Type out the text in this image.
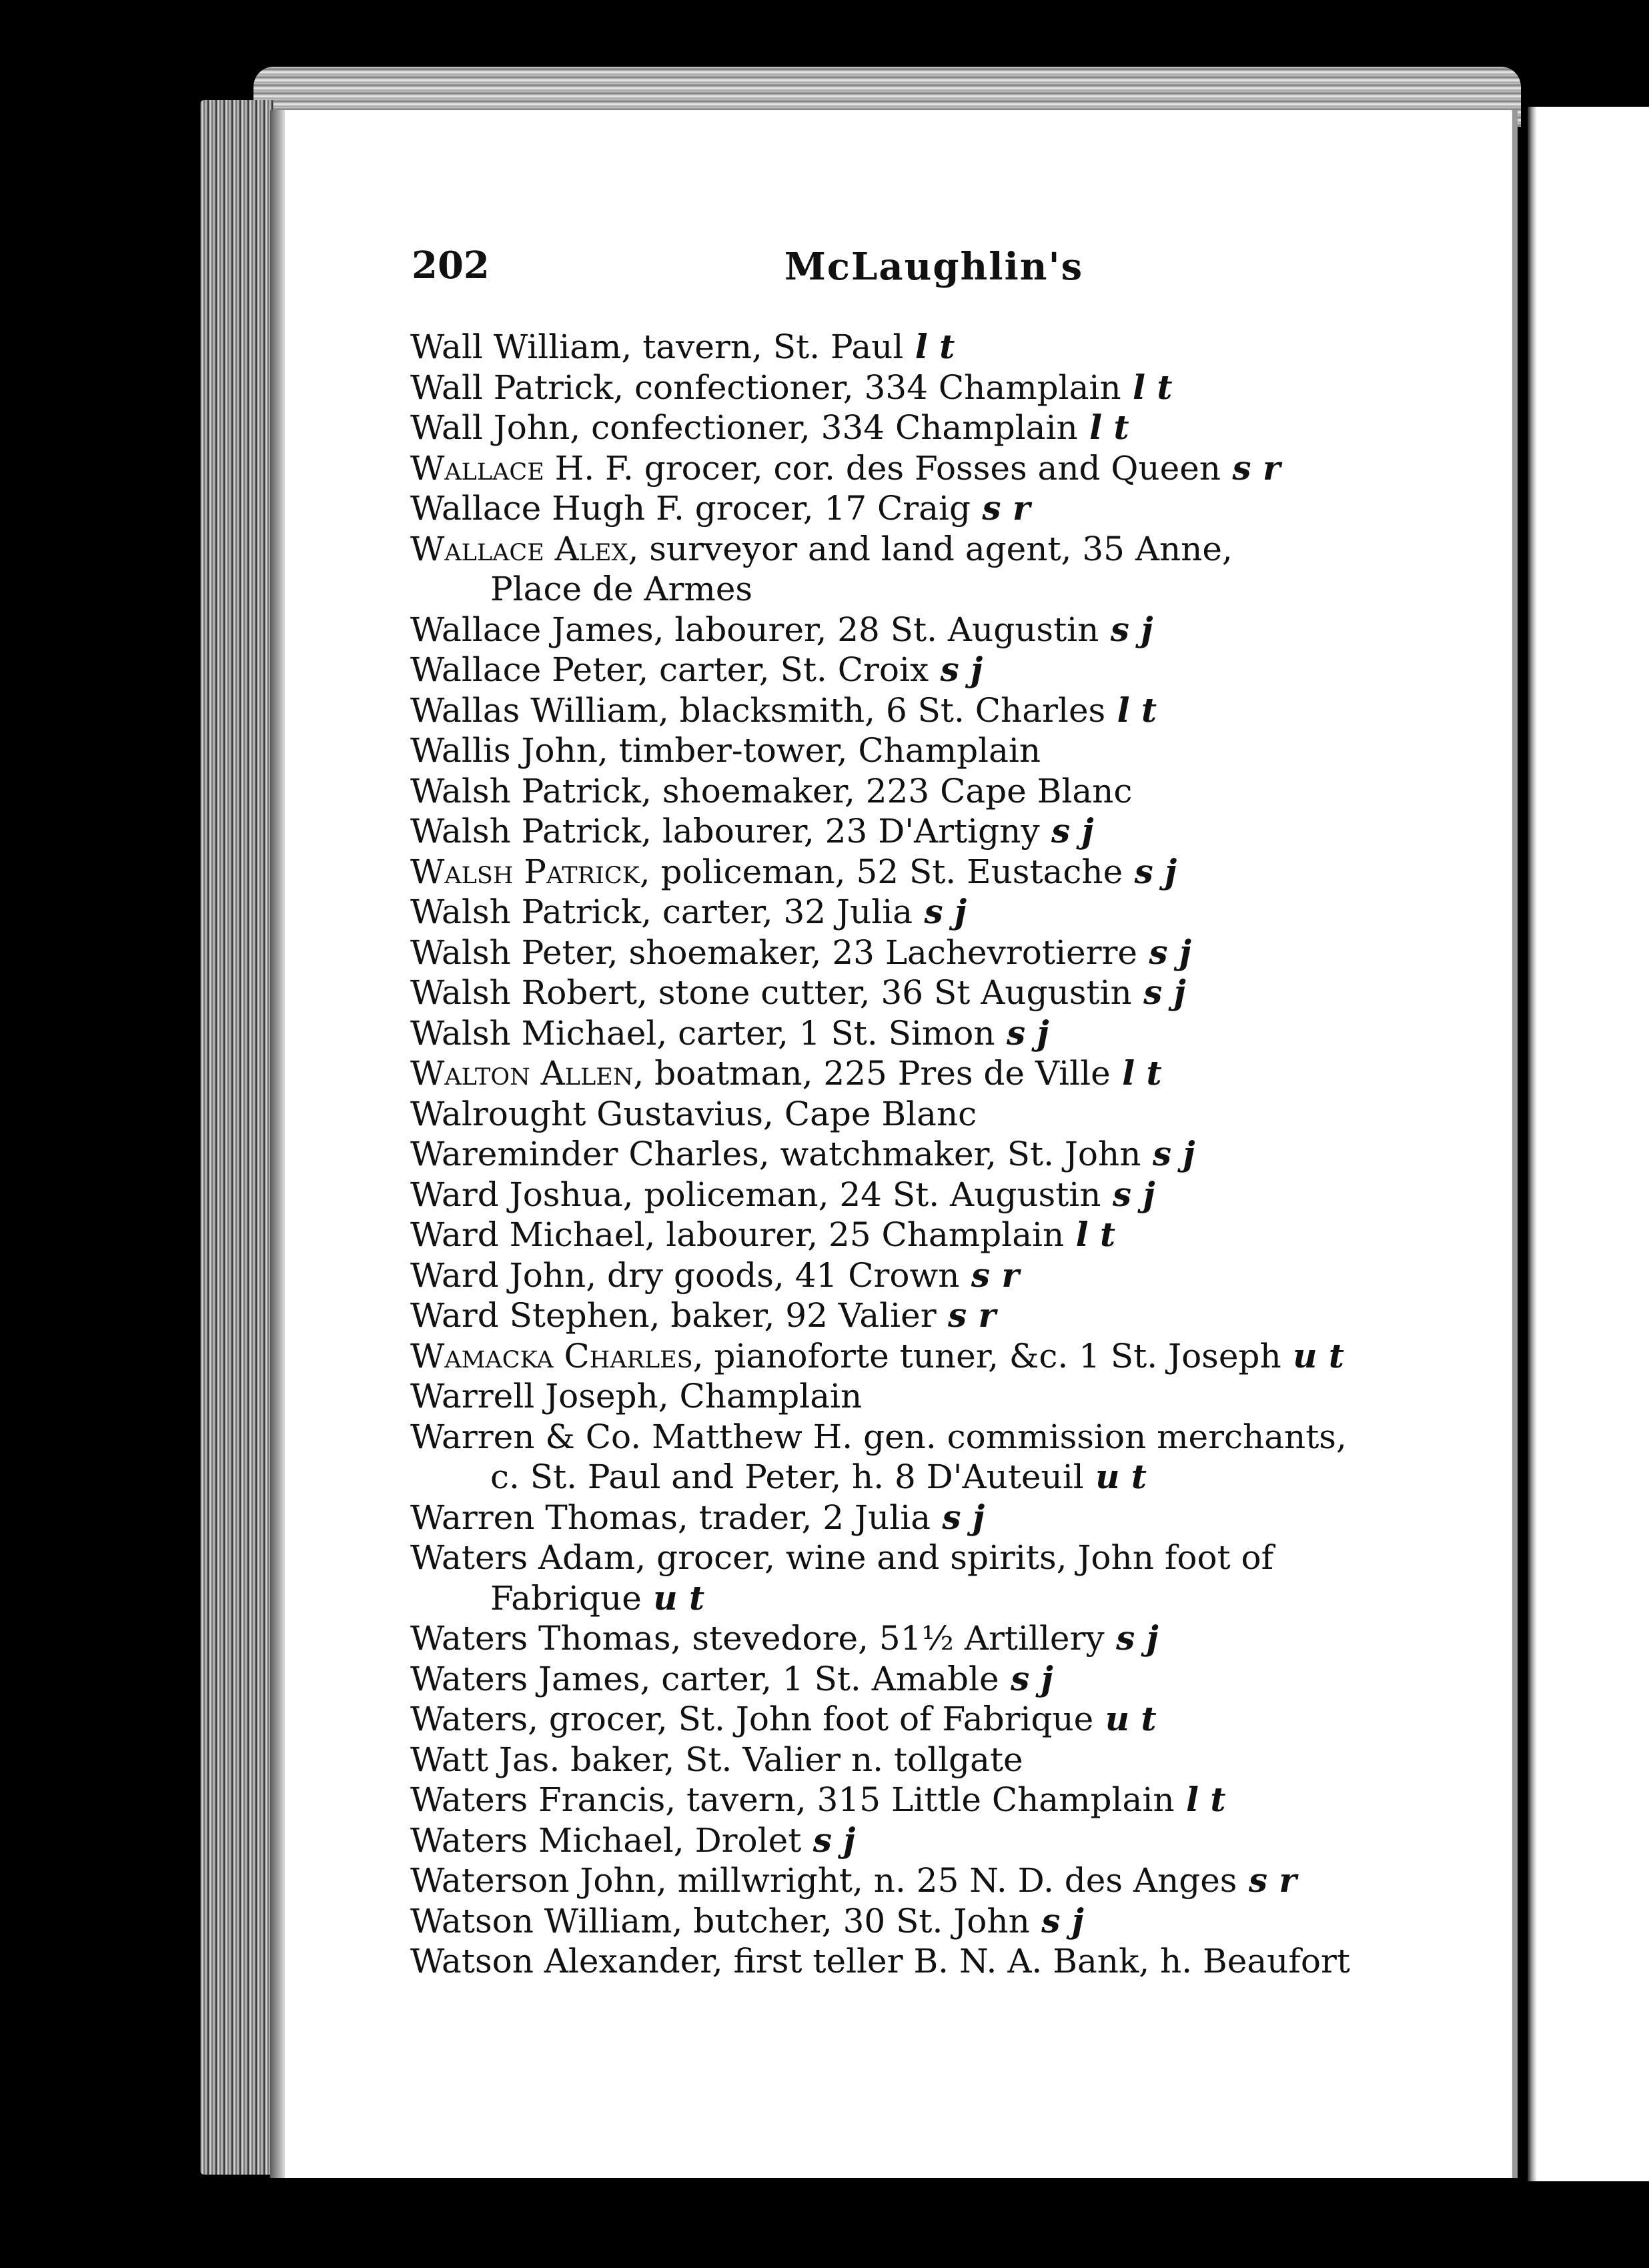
202	McLaughlin's
Wall William, tavern, St. Paul l t
Wall Patrick, confectioner, 334 Champlain l t
Wall John, confectioner, 334 Champlain l t
Wallace H. F. grocer, cor. des Fosses and Queen s r
Wallace Hugh F. grocer, 17 Craig s r
Wallace Alex, surveyor and land agent, 35 Anne,
Place de Armes
Wallace James, labourer, 28 St. Augustin s j
Wallace Peter, carter, St. Croix s j
Wallas William, blacksmith, 6 St. Charles l t
Wallis John, timber-tower, Champlain
Walsh Patrick, shoemaker, 223 Cape Blanc
Walsh Patrick, labourer, 23 D'Artigny s j
Walsh Patrick, policeman, 52 St. Eustache s j
Walsh Patrick, carter, 32 Julia s j
Walsh Peter, shoemaker, 23 Lachevrotierre s j
Walsh Robert, stone cutter, 36 St Augustin s j
Walsh Michael, carter, 1 St. Simon s j
Walton Allen, boatman, 225 Pres de Ville l t
Walrought Gustavius, Cape Blanc
Wareminder Charles, watchmaker, St. John s j
Ward Joshua, policeman, 24 St. Augustin s j
Ward Michael, labourer, 25 Champlain l t
Ward John, dry goods, 41 Crown s r
Ward Stephen, baker, 92 Valier s r
Wamacka Charles, pianoforte tuner, &c. 1 St. Joseph u t
Warrell Joseph, Champlain
Warren & Co. Matthew H. gen. commission merchants,
c. St. Paul and Peter, h. 8 D'Auteuil u t
Warren Thomas, trader, 2 Julia s j
Waters Adam, grocer, wine and spirits, John foot of
Fabrique u t
Waters Thomas, stevedore, 51½ Artillery s j
Waters James, carter, 1 St. Amable s j
Waters, grocer, St. John foot of Fabrique u t
Watt Jas. baker, St. Valier n. tollgate
Waters Francis, tavern, 315 Little Champlain l t
Waters Michael, Drolet s j
Waterson John, millwright, n. 25 N. D. des Anges s r
Watson William, butcher, 30 St. John s j
Watson Alexander, first teller B. N. A. Bank, h. Beaufort
